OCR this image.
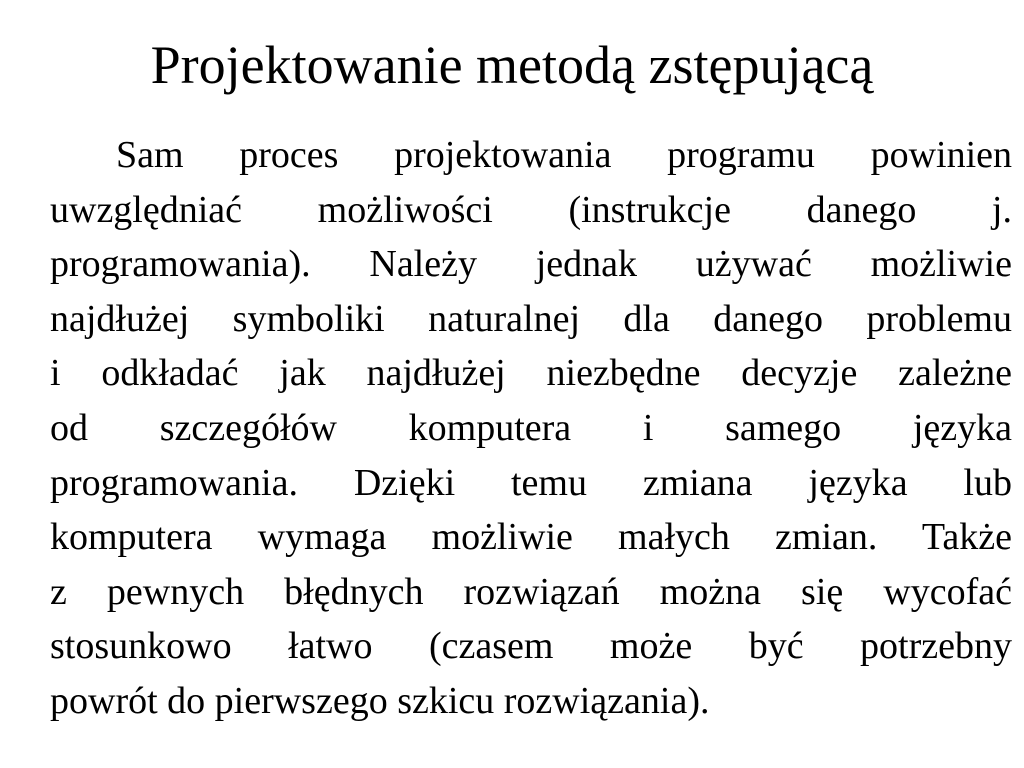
Projektowanie metodą zstępującą
Sam proces projektowania programu powinien
uwzględniać możliwości (instrukcje danego j.
programowania). Należy jednak używać możliwie
najdłużej symboliki naturalnej dla danego problemu
i odkładać jak najdłużej niezbędne decyzje zależne
od szczegółów komputera i samego języka
programowania. Dzięki temu zmiana języka lub
komputera wymaga możliwie małych zmian. Także
z pewnych błędnych rozwiązań można się wycofać
stosunkowo łatwo (czasem może być potrzebny
powrót do pierwszego szkicu rozwiązania).
